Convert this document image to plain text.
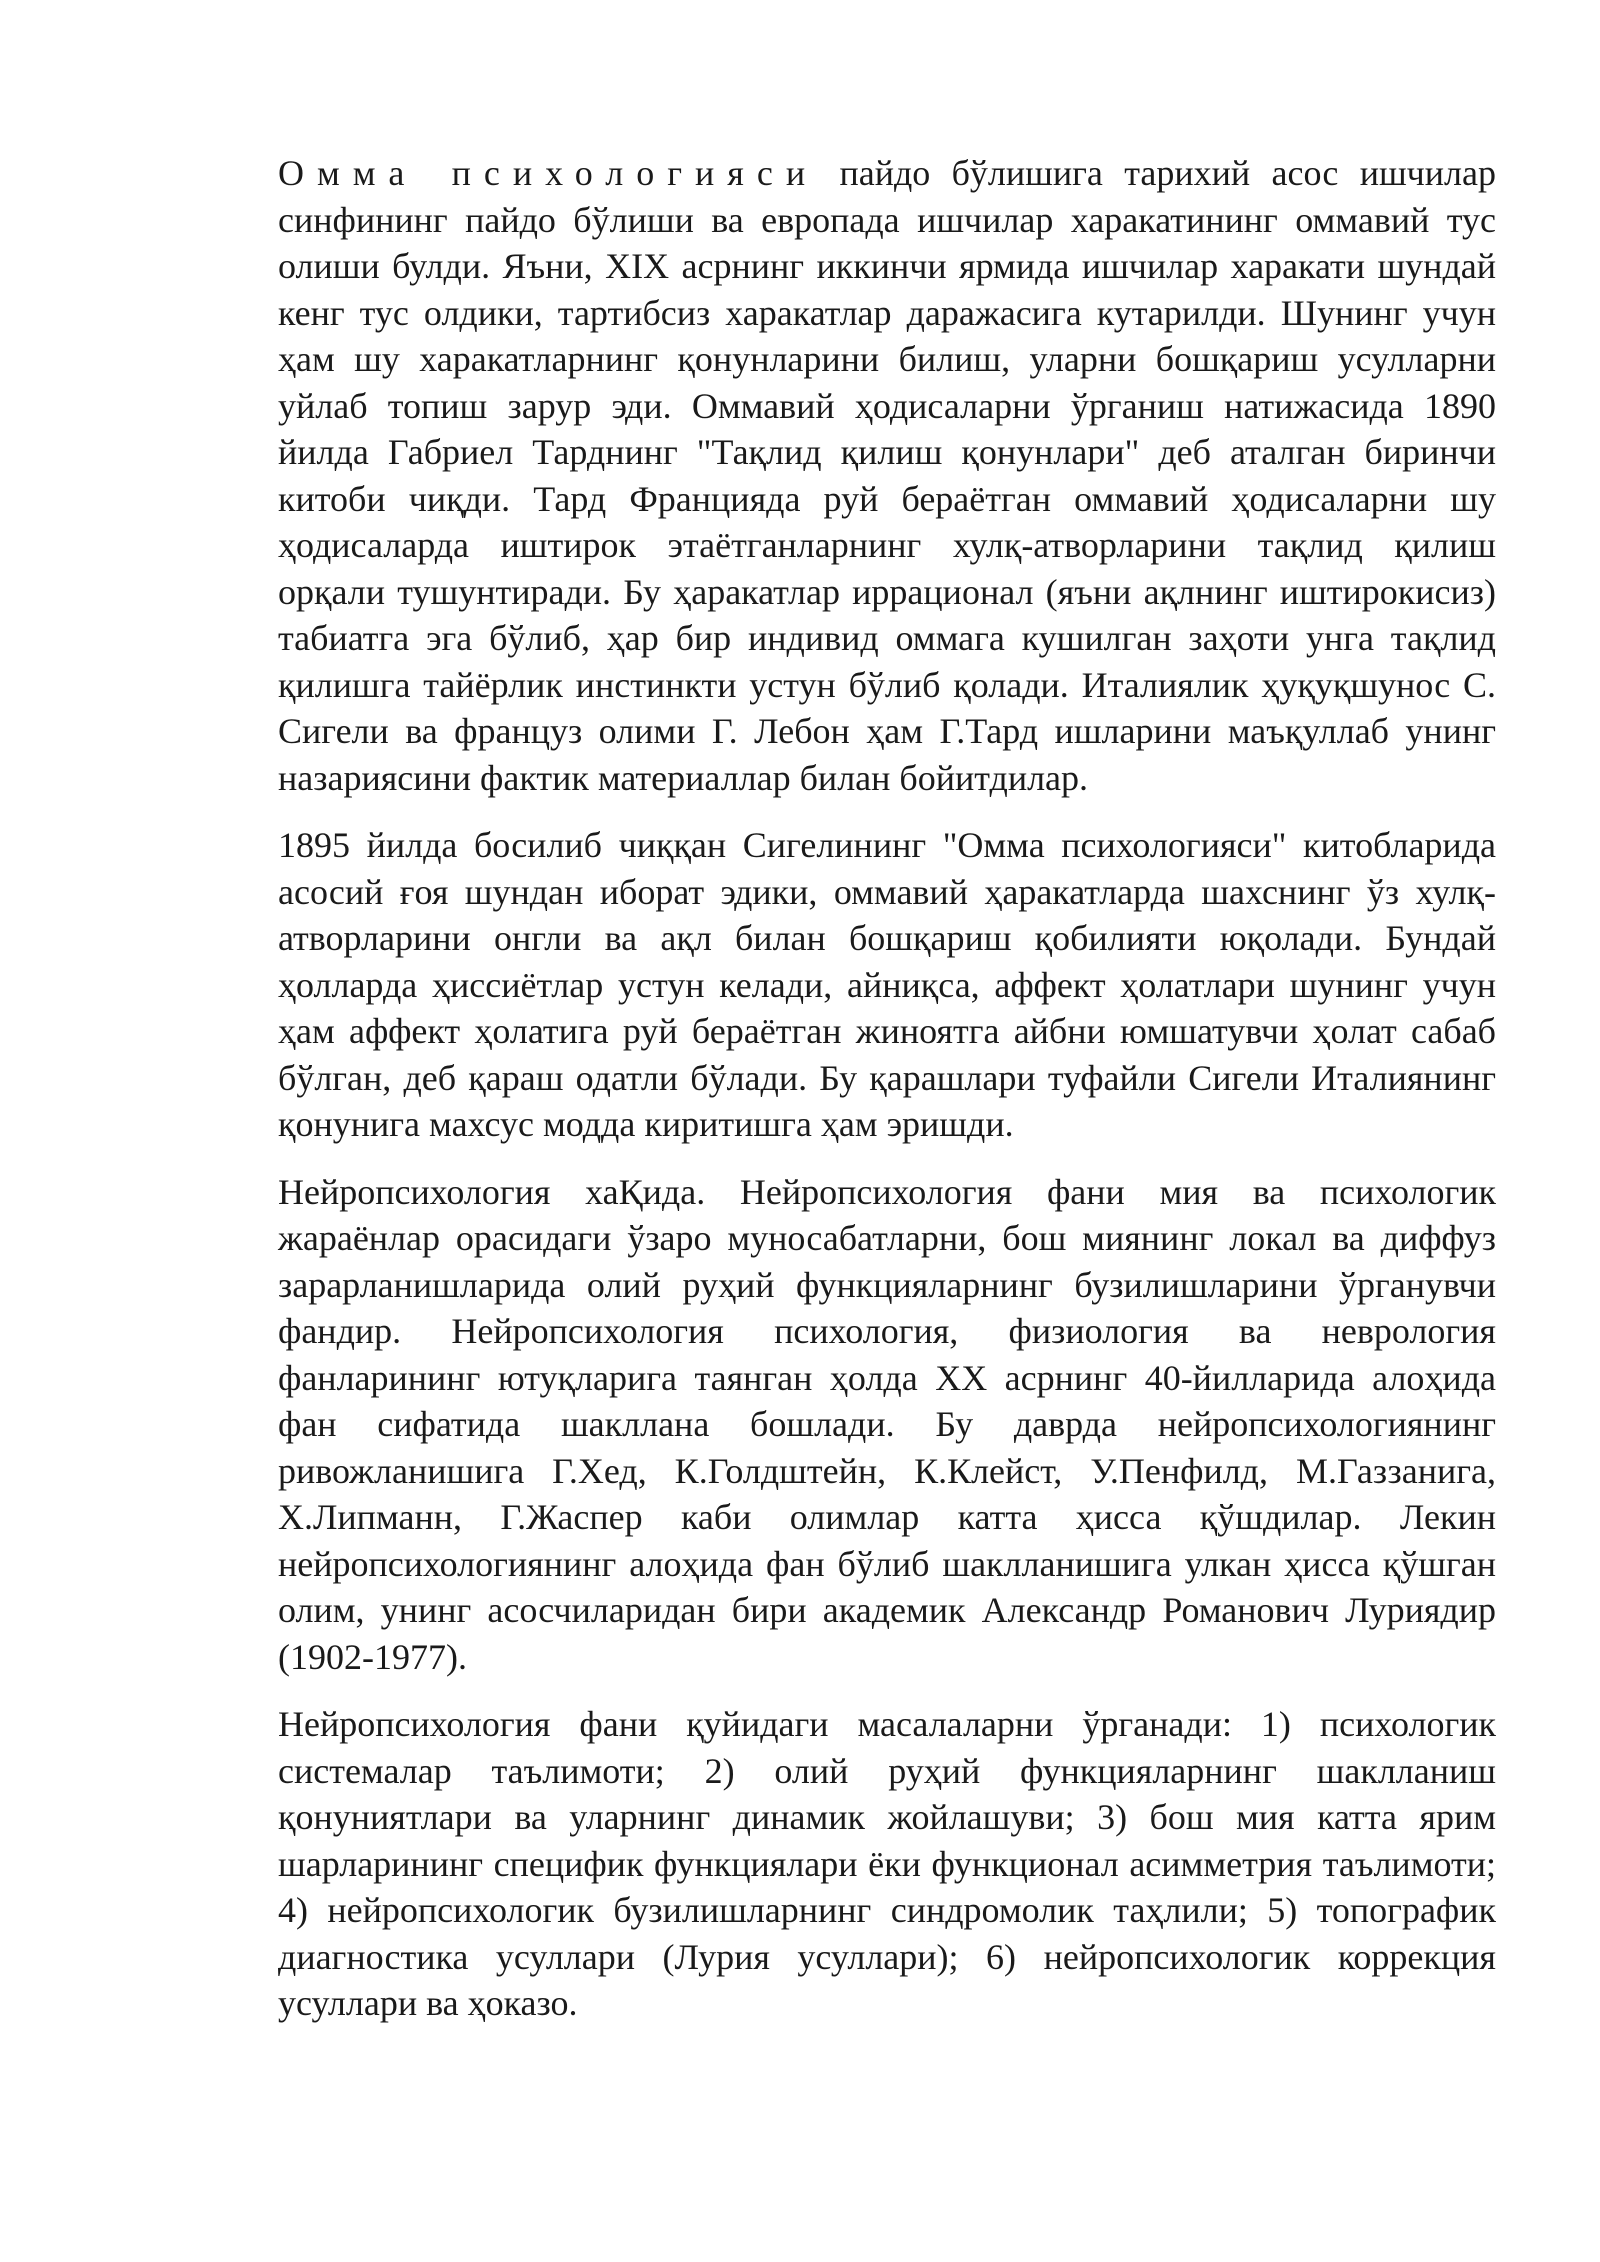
Омма психологияси пайдо бўлишига тарихий асос ишчилар синфининг пайдо бўлиши ва европада ишчилар харакатининг оммавий тус олиши булди. Яъни, XIX асрнинг иккинчи ярмида ишчилар харакати шундай кенг тус олдики, тартибсиз харакатлар даражасига кутарилди. Шунинг учун ҳам шу харакатларнинг қонунларини билиш, уларни бошқариш усулларни уйлаб топиш зарур эди. Оммавий ҳодисаларни ўрганиш натижасида 1890 йилда Габриел Тарднинг "Тақлид қилиш қонунлари" деб аталган биринчи китоби чиқди. Тард Францияда руй бераётган оммавий ҳодисаларни шу ҳодисаларда иштирок этаётганларнинг хулқ-атворларини тақлид қилиш орқали тушунтиради. Бу ҳаракатлар иррационал (яъни ақлнинг иштирокисиз) табиатга эга бўлиб, ҳар бир индивид оммага кушилган заҳоти унга тақлид қилишга тайёрлик инстинкти устун бўлиб қолади. Италиялик ҳуқуқшунос С. Сигели ва француз олими Г. Лебон ҳам Г.Тард ишларини маъқуллаб унинг назариясини фактик материаллар билан бойитдилар.

1895 йилда босилиб чиққан Сигелининг "Омма психологияси" китобларида асосий ғоя шундан иборат эдики, оммавий ҳаракатларда шахснинг ўз хулқ-атворларини онгли ва ақл билан бошқариш қобилияти юқолади. Бундай ҳолларда ҳиссиётлар устун келади, айниқса, аффект ҳолатлари шунинг учун ҳам аффект ҳолатига руй бераётган жиноятга айбни юмшатувчи ҳолат сабаб бўлган, деб қараш одатли бўлади. Бу қарашлари туфайли Сигели Италиянинг қонунига махсус модда киритишга ҳам эришди.

Нейропсихология хаҚида. Нейропсихология фани мия ва психологик жараёнлар орасидаги ўзаро муносабатларни, бош миянинг локал ва диффуз зарарланишларида олий руҳий функцияларнинг бузилишларини ўрганувчи фандир. Нейропсихология психология, физиология ва неврология фанларининг ютуқларига таянган ҳолда XX асрнинг 40-йилларида алоҳида фан сифатида шакллана бошлади. Бу даврда нейропсихологиянинг ривожланишига Г.Хед, К.Голдштейн, К.Клейст, У.Пенфилд, М.Газзанига, Х.Липманн, Г.Жаспер каби олимлар катта ҳисса қўшдилар. Лекин нейропсихологиянинг алоҳида фан бўлиб шаклланишига улкан ҳисса қўшган олим, унинг асосчиларидан бири академик Александр Романович Луриядир (1902-1977).

Нейропсихология фани қуйидаги масалаларни ўрганади: 1) психологик системалар таълимоти; 2) олий руҳий функцияларнинг шаклланиш қонуниятлари ва уларнинг динамик жойлашуви; 3) бош мия катта ярим шарларининг специфик функциялари ёки функционал асимметрия таълимоти; 4) нейропсихологик бузилишларнинг синдромолик таҳлили; 5) топографик диагностика усуллари (Лурия усуллари); 6) нейропсихологик коррекция усуллари ва ҳоказо.
